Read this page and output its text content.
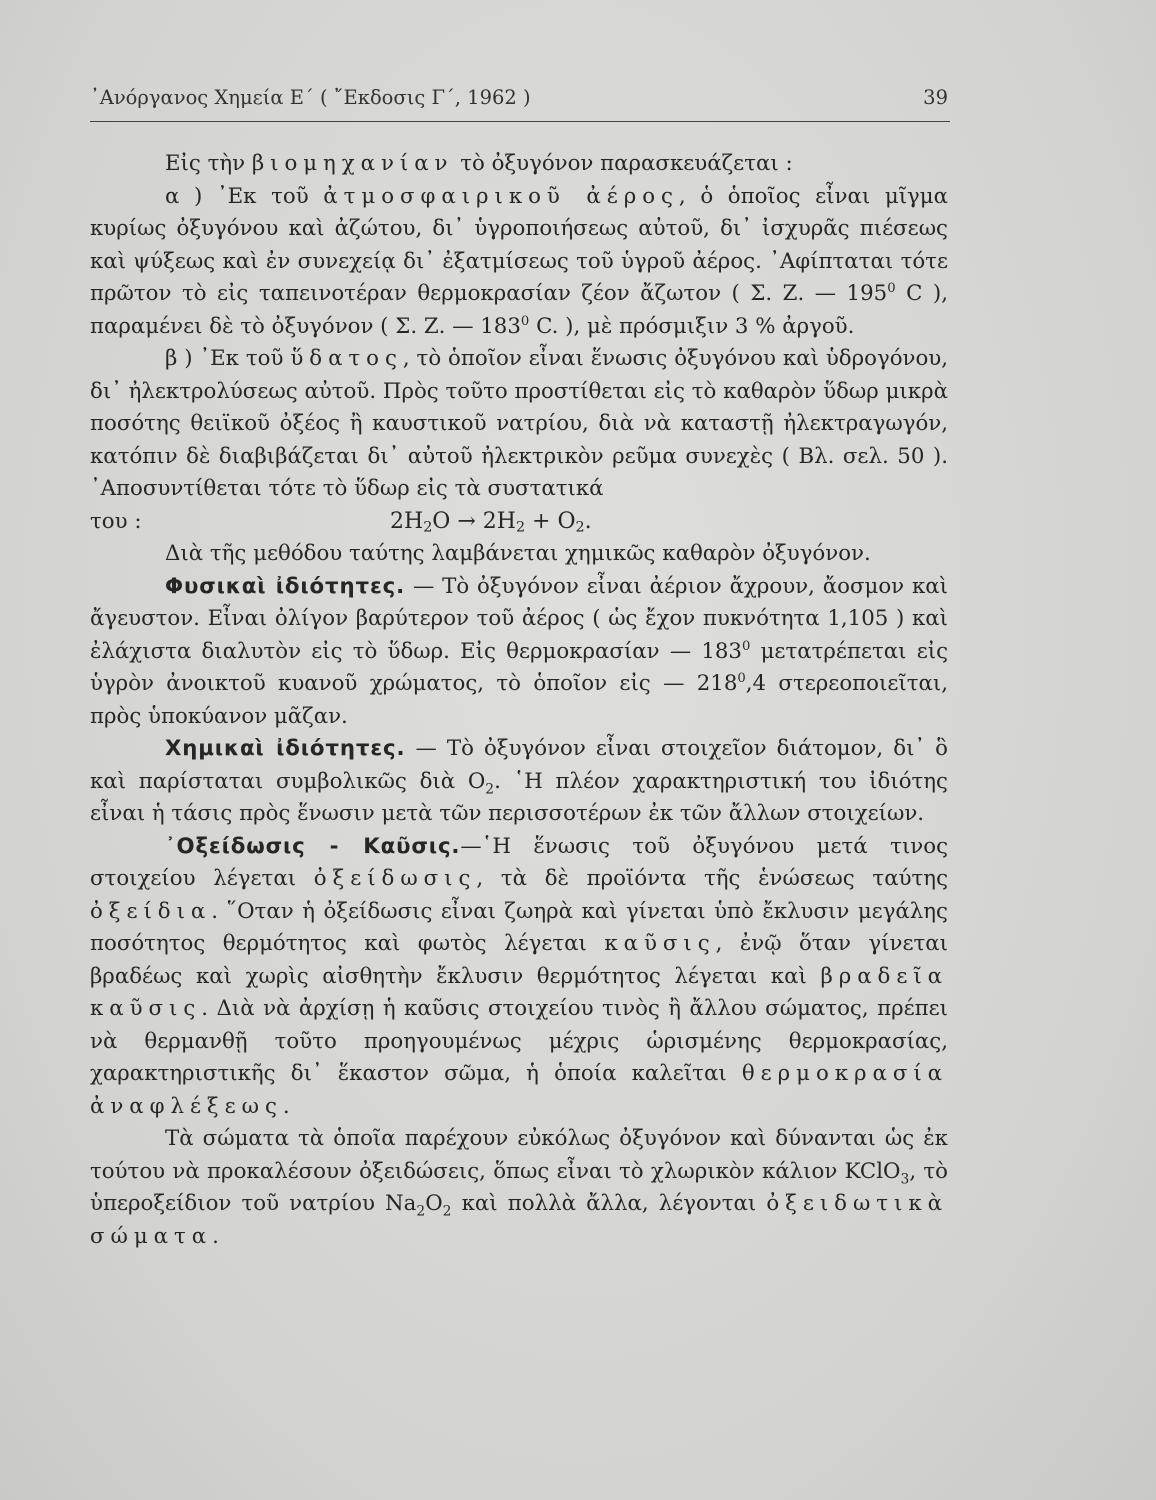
᾿Ανόργανος Χημεία Ε΄ ( ῎Εκδοσις Γ΄, 1962 )	39

Εἰς τὴν βιομηχανίαν τὸ ὀξυγόνον παρασκευάζεται :

α ) ᾿Εκ τοῦ ἀτμοσφαιρικοῦ ἀέρος, ὁ ὁποῖος εἶναι μῖγμα κυρίως ὀξυγόνου καὶ ἀζώτου, δι᾿ ὑγροποιήσεως αὐτοῦ, δι᾿ ἰσχυρᾶς πιέσεως καὶ ψύξεως καὶ ἐν συνεχείᾳ δι᾿ ἐξατμίσεως τοῦ ὑγροῦ ἀέρος. ᾿Αφίπταται τότε πρῶτον τὸ εἰς ταπεινοτέραν θερμοκρασίαν ζέον ἄζωτον ( Σ. Ζ. — $195^0$ C ), παραμένει δὲ τὸ ὀξυγόνον ( Σ. Ζ. — $183^0$ C. ), μὲ πρόσμιξιν 3 % ἀργοῦ.

β ) ᾿Εκ τοῦ ὕδατος, τὸ ὁποῖον εἶναι ἕνωσις ὀξυγόνου καὶ ὑδρογόνου, δι᾿ ἠλεκτρολύσεως αὐτοῦ. Πρὸς τοῦτο προστίθεται εἰς τὸ καθαρὸν ὕδωρ μικρὰ ποσότης θειϊκοῦ ὀξέος ἢ καυστικοῦ νατρίου, διὰ νὰ καταστῇ ἠλεκτραγωγόν, κατόπιν δὲ διαβιβάζεται δι᾿ αὐτοῦ ἠλεκτρικὸν ρεῦμα συνεχὲς ( Βλ. σελ. 50 ). ᾿Αποσυντίθεται τότε τὸ ὕδωρ εἰς τὰ συστατικά

του :	$2H_2O \to 2H_2 + O_2$.

Διὰ τῆς μεθόδου ταύτης λαμβάνεται χημικῶς καθαρὸν ὀξυγόνον.

Φυσικαὶ ἰδιότητες. — Τὸ ὀξυγόνον εἶναι ἀέριον ἄχρουν, ἄοσμον καὶ ἄγευστον. Εἶναι ὀλίγον βαρύτερον τοῦ ἀέρος ( ὡς ἔχον πυκνότητα 1,105 ) καὶ ἐλάχιστα διαλυτὸν εἰς τὸ ὕδωρ. Εἰς θερμοκρασίαν — $183^0$ μετατρέπεται εἰς ὑγρὸν ἀνοικτοῦ κυανοῦ χρώματος, τὸ ὁποῖον εἰς — $218^0,4$ στερεοποιεῖται, πρὸς ὑποκύανον μᾶζαν.

Χημικαὶ ἰδιότητες. — Τὸ ὀξυγόνον εἶναι στοιχεῖον διάτομον, δι᾿ ὃ καὶ παρίσταται συμβολικῶς διὰ $O_2$. ῾Η πλέον χαρακτηριστική του ἰδιότης εἶναι ἡ τάσις πρὸς ἕνωσιν μετὰ τῶν περισσοτέρων ἐκ τῶν ἄλλων στοιχείων.

᾿Οξείδωσις - Καῦσις.—῾Η ἕνωσις τοῦ ὀξυγόνου μετά τινος στοιχείου λέγεται ὀξείδωσις, τὰ δὲ προϊόντα τῆς ἑνώσεως ταύτης ὀξείδια. ῞Οταν ἡ ὀξείδωσις εἶναι ζωηρὰ καὶ γίνεται ὑπὸ ἔκλυσιν μεγάλης ποσότητος θερμότητος καὶ φωτὸς λέγεται καῦσις, ἐνῷ ὅταν γίνεται βραδέως καὶ χωρὶς αἰσθητὴν ἔκλυσιν θερμότητος λέγεται καὶ βραδεῖα καῦσις. Διὰ νὰ ἀρχίσῃ ἡ καῦσις στοιχείου τινὸς ἢ ἄλλου σώματος, πρέπει νὰ θερμανθῇ τοῦτο προηγουμένως μέχρις ὡρισμένης θερμοκρασίας, χαρακτηριστικῆς δι᾿ ἕκαστον σῶμα, ἡ ὁποία καλεῖται θερμοκρασία ἀναφλέξεως.

Τὰ σώματα τὰ ὁποῖα παρέχουν εὐκόλως ὀξυγόνον καὶ δύνανται ὡς ἐκ τούτου νὰ προκαλέσουν ὀξειδώσεις, ὅπως εἶναι τὸ χλωρικὸν κάλιον KClO$_3$, τὸ ὑπεροξείδιον τοῦ νατρίου $Na_2O_2$ καὶ πολλὰ ἄλλα, λέγονται ὀξειδωτικὰ σώματα.
